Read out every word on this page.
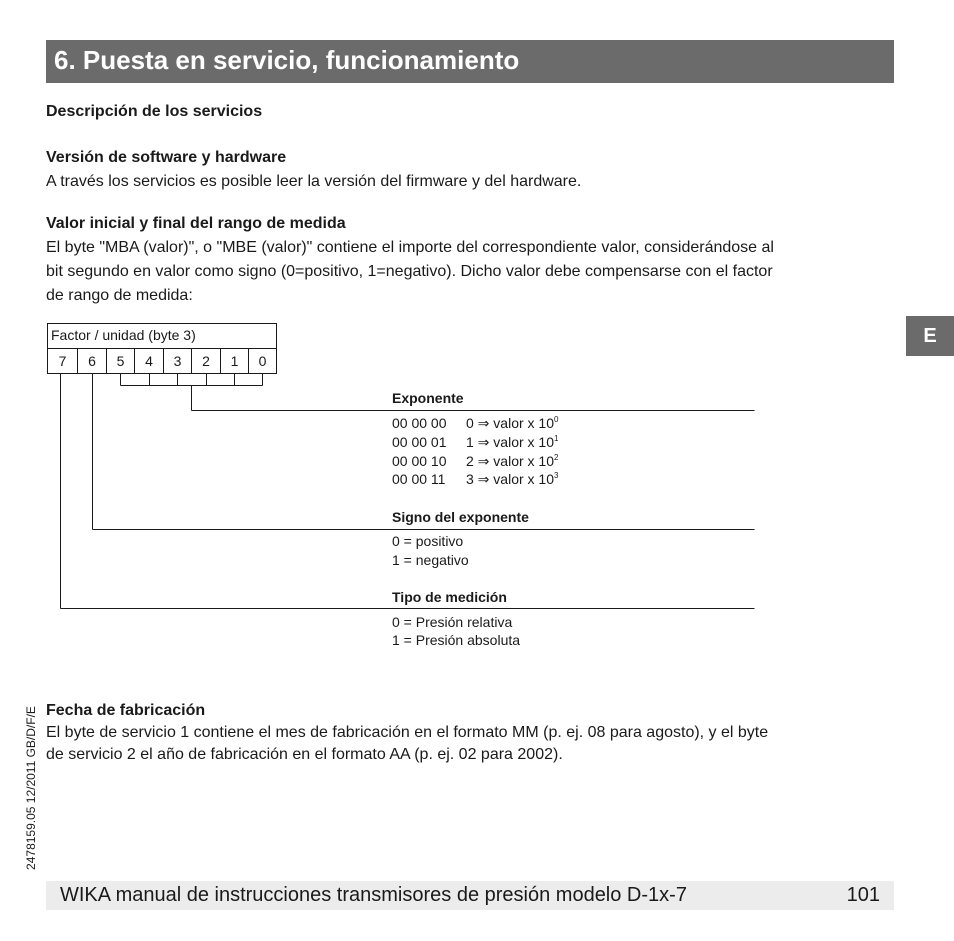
6. Puesta en servicio, funcionamiento
E
Descripción de los servicios
Versión de software y hardware
A través los servicios es posible leer la versión del firmware y del hardware.
Valor inicial y final del rango de medida
El byte "MBA (valor)", o "MBE (valor)" contiene el importe del correspondiente valor, considerándose al
bit segundo en valor como signo (0=positivo, 1=negativo). Dicho valor debe compensarse con el factor
de rango de medida:
Factor / unidad (byte 3)
7	6	5	4	3	2	1	0
Exponente
00 00 00 0 ⇒ valor x $10^0$
00 00 01 1 ⇒ valor x $10^1$
00 00 10 2 ⇒ valor x $10^2$
00 00 11 3 ⇒ valor x $10^3$
Signo del exponente
0 = positivo
1 = negativo
Tipo de medición
0 = Presión relativa
1 = Presión absoluta
Fecha de fabricación
El byte de servicio 1 contiene el mes de fabricación en el formato MM (p. ej. 08 para agosto), y el byte
de servicio 2 el año de fabricación en el formato AA (p. ej. 02 para 2002).
2478159.05 12/2011 GB/D/F/E
WIKA manual de instrucciones transmisores de presión modelo D-1x-7	101
